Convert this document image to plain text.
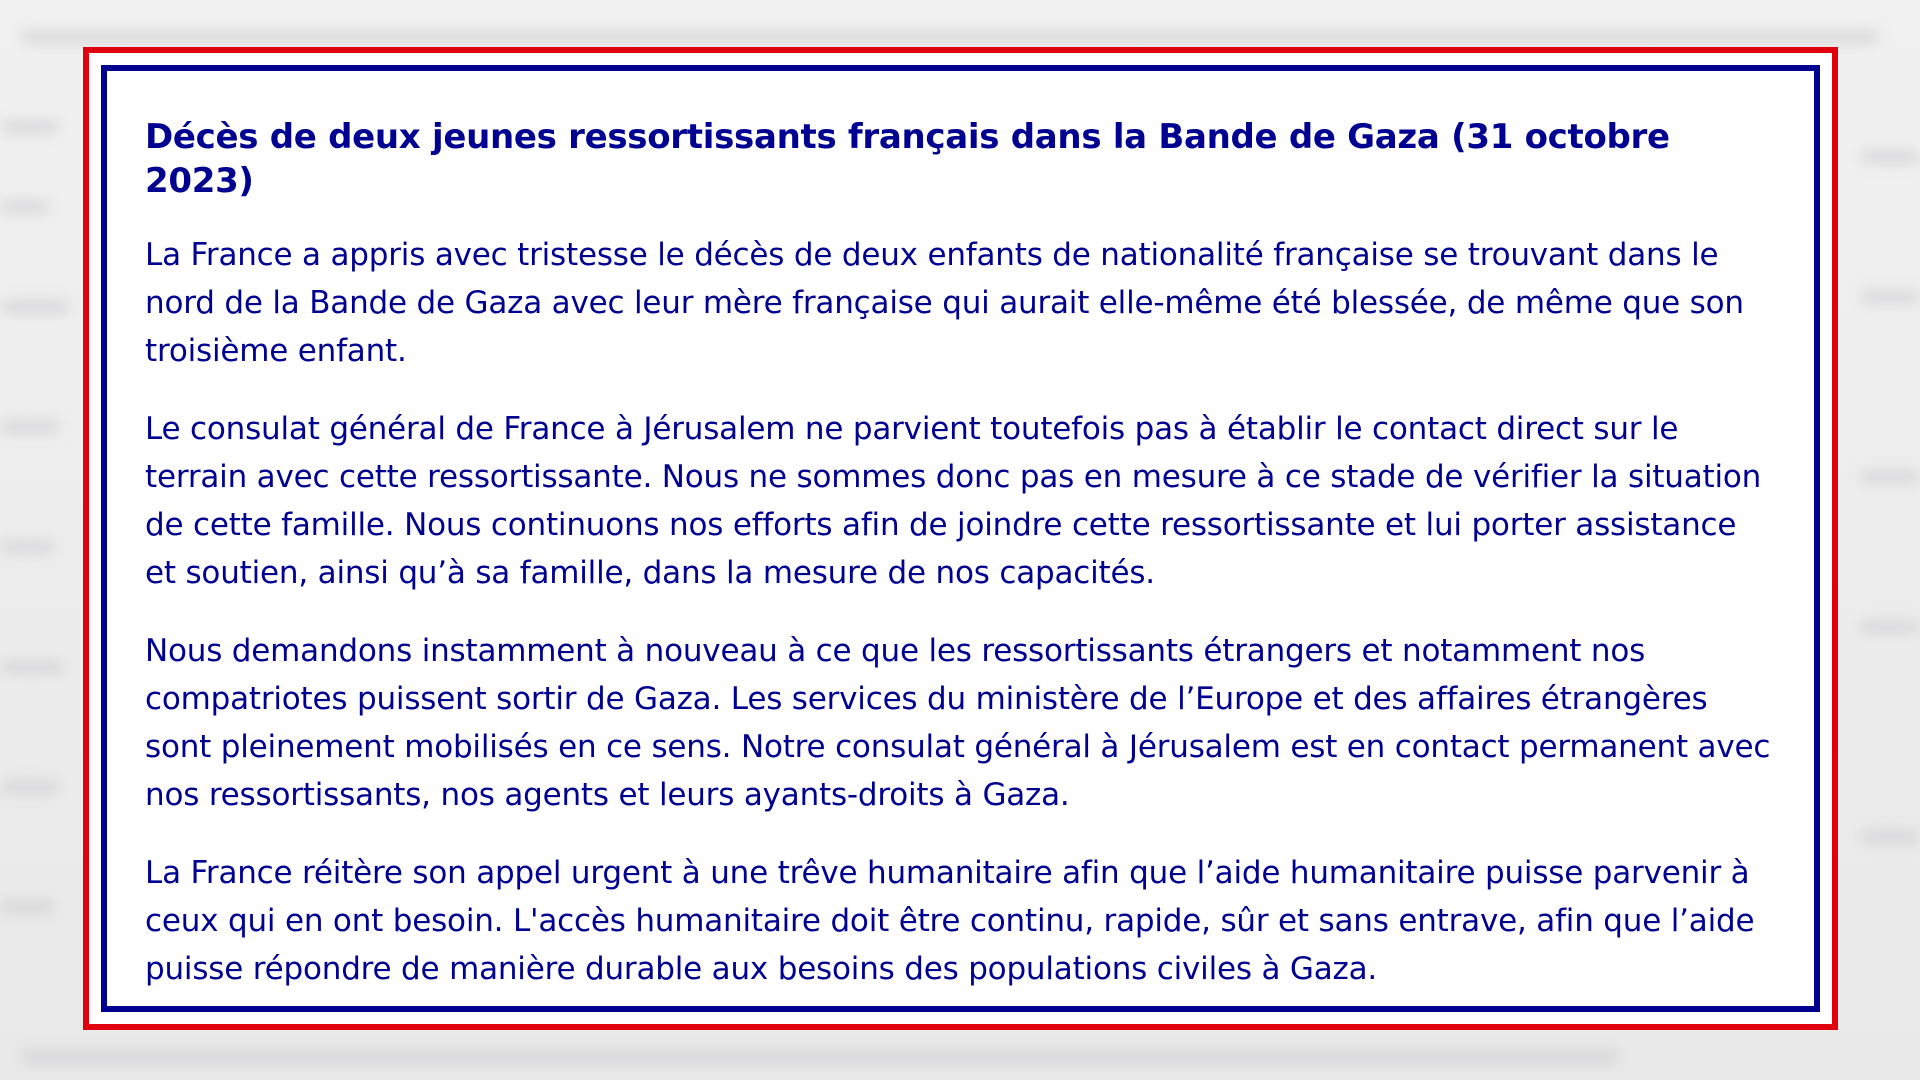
Décès de deux jeunes ressortissants français dans la Bande de Gaza (31 octobre 2023)

La France a appris avec tristesse le décès de deux enfants de nationalité française se trouvant dans le nord de la Bande de Gaza avec leur mère française qui aurait elle-même été blessée, de même que son troisième enfant.

Le consulat général de France à Jérusalem ne parvient toutefois pas à établir le contact direct sur le terrain avec cette ressortissante. Nous ne sommes donc pas en mesure à ce stade de vérifier la situation de cette famille. Nous continuons nos efforts afin de joindre cette ressortissante et lui porter assistance et soutien, ainsi qu’à sa famille, dans la mesure de nos capacités.

Nous demandons instamment à nouveau à ce que les ressortissants étrangers et notamment nos compatriotes puissent sortir de Gaza. Les services du ministère de l’Europe et des affaires étrangères sont pleinement mobilisés en ce sens. Notre consulat général à Jérusalem est en contact permanent avec nos ressortissants, nos agents et leurs ayants-droits à Gaza.

La France réitère son appel urgent à une trêve humanitaire afin que l’aide humanitaire puisse parvenir à ceux qui en ont besoin. L'accès humanitaire doit être continu, rapide, sûr et sans entrave, afin que l’aide puisse répondre de manière durable aux besoins des populations civiles à Gaza.
